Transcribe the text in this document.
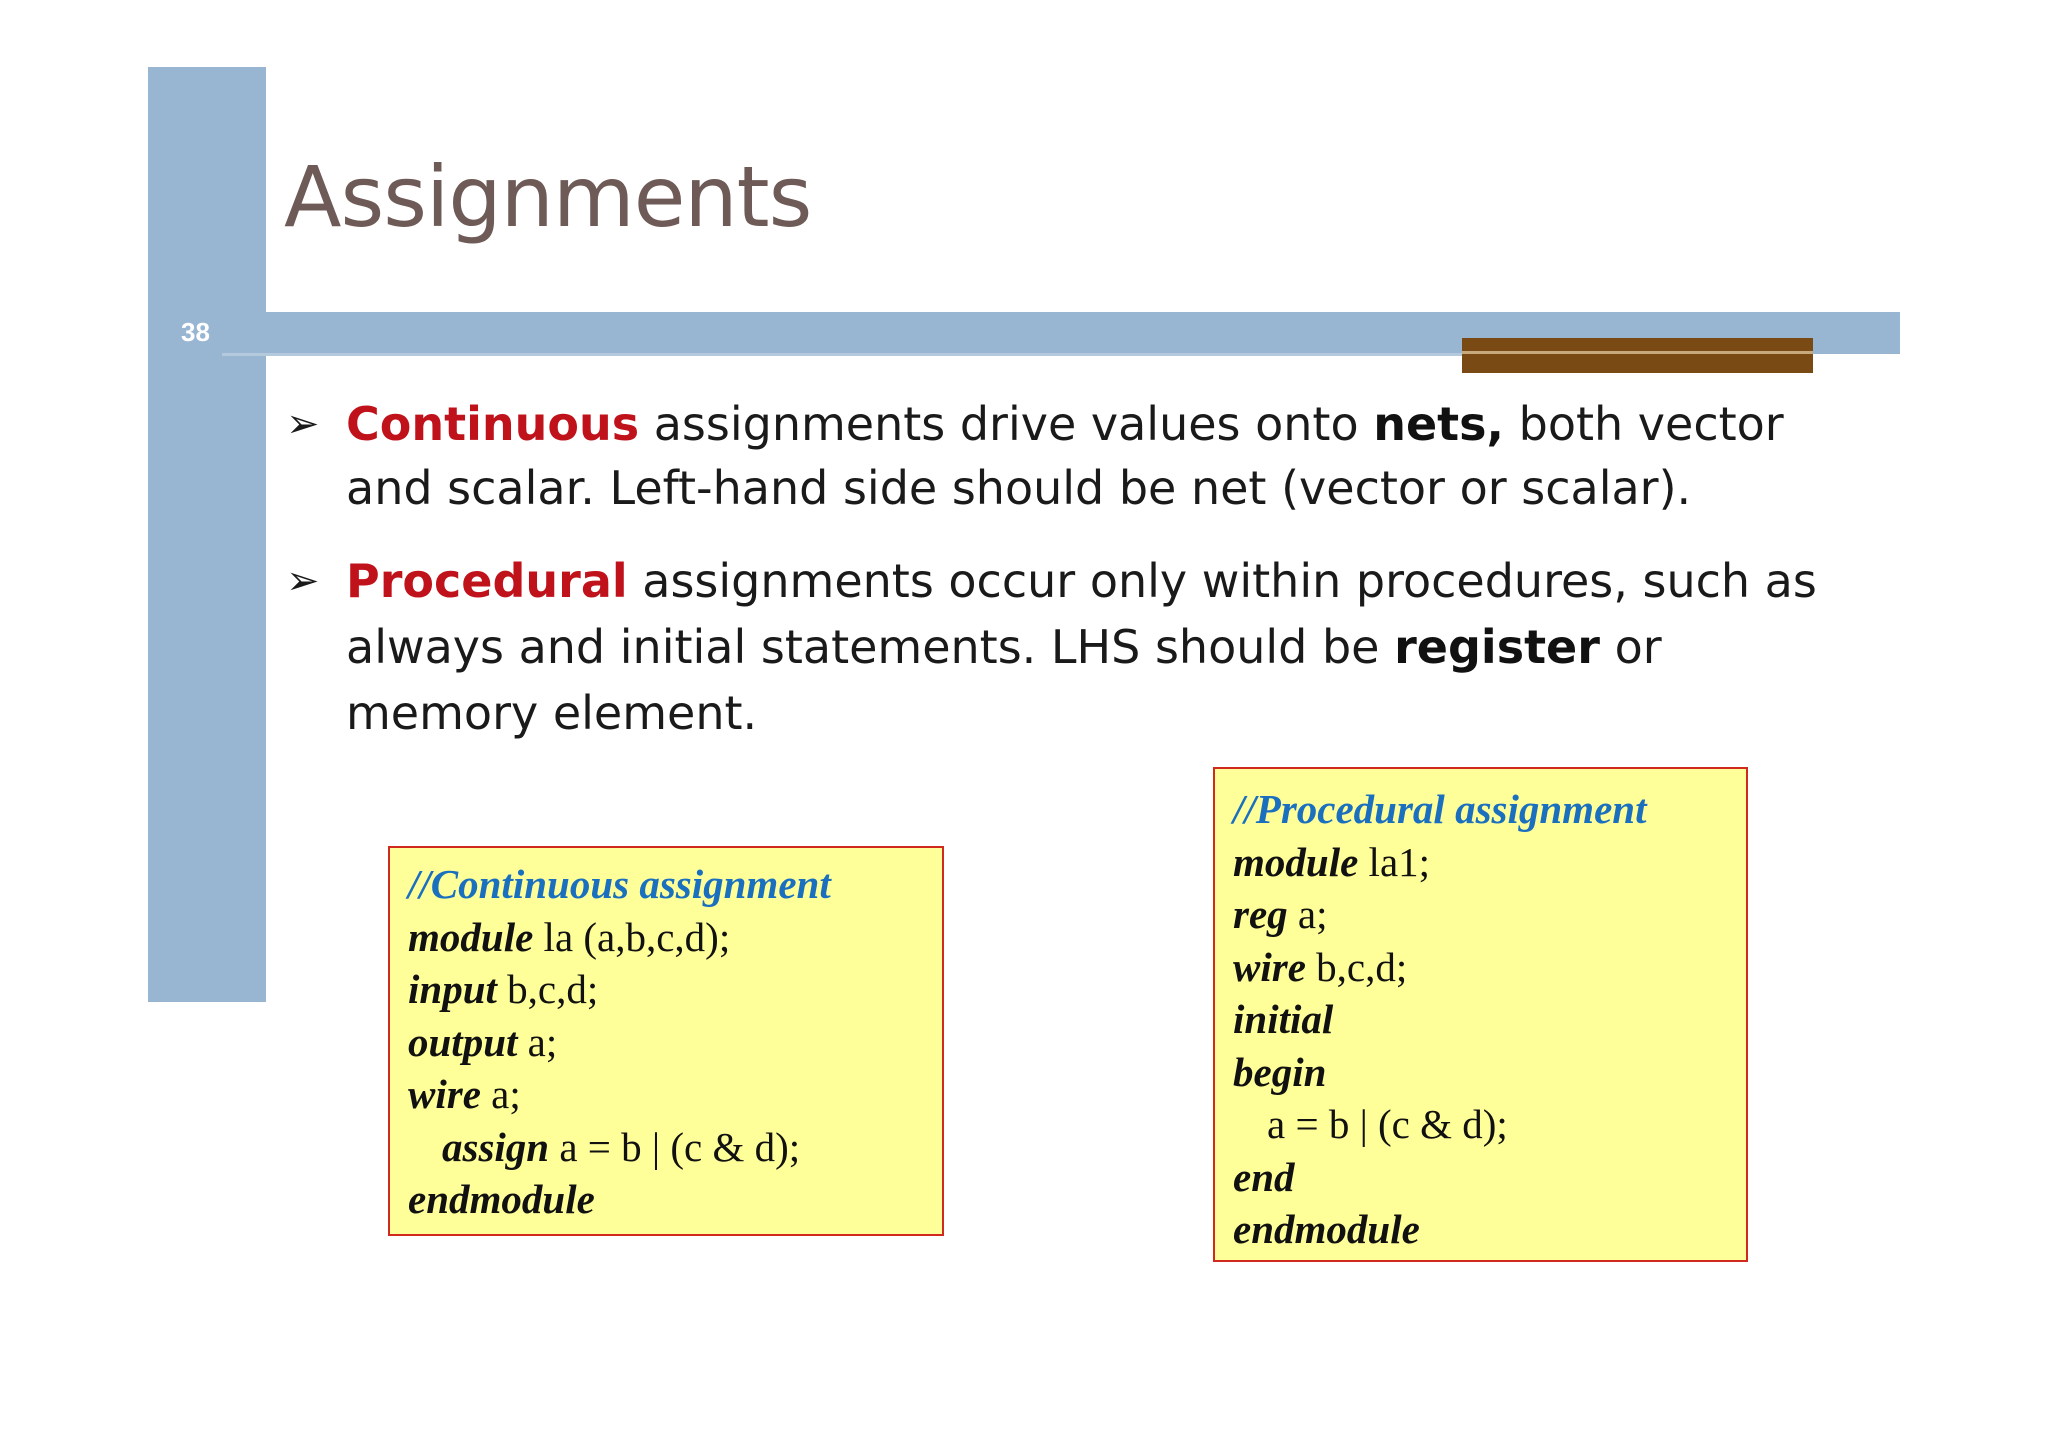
38
Assignments
➢ Continuous assignments drive values onto nets, both vector
and scalar. Left-hand side should be net (vector or scalar).
➢ Procedural assignments occur only within procedures, such as
always and initial statements. LHS should be register or
memory element.
//Continuous assignment
module la (a,b,c,d);
input b,c,d;
output a;
wire a;
assign a = b | (c & d);
endmodule
//Procedural assignment
module la1;
reg a;
wire b,c,d;
initial
begin
a = b | (c & d);
end
endmodule
